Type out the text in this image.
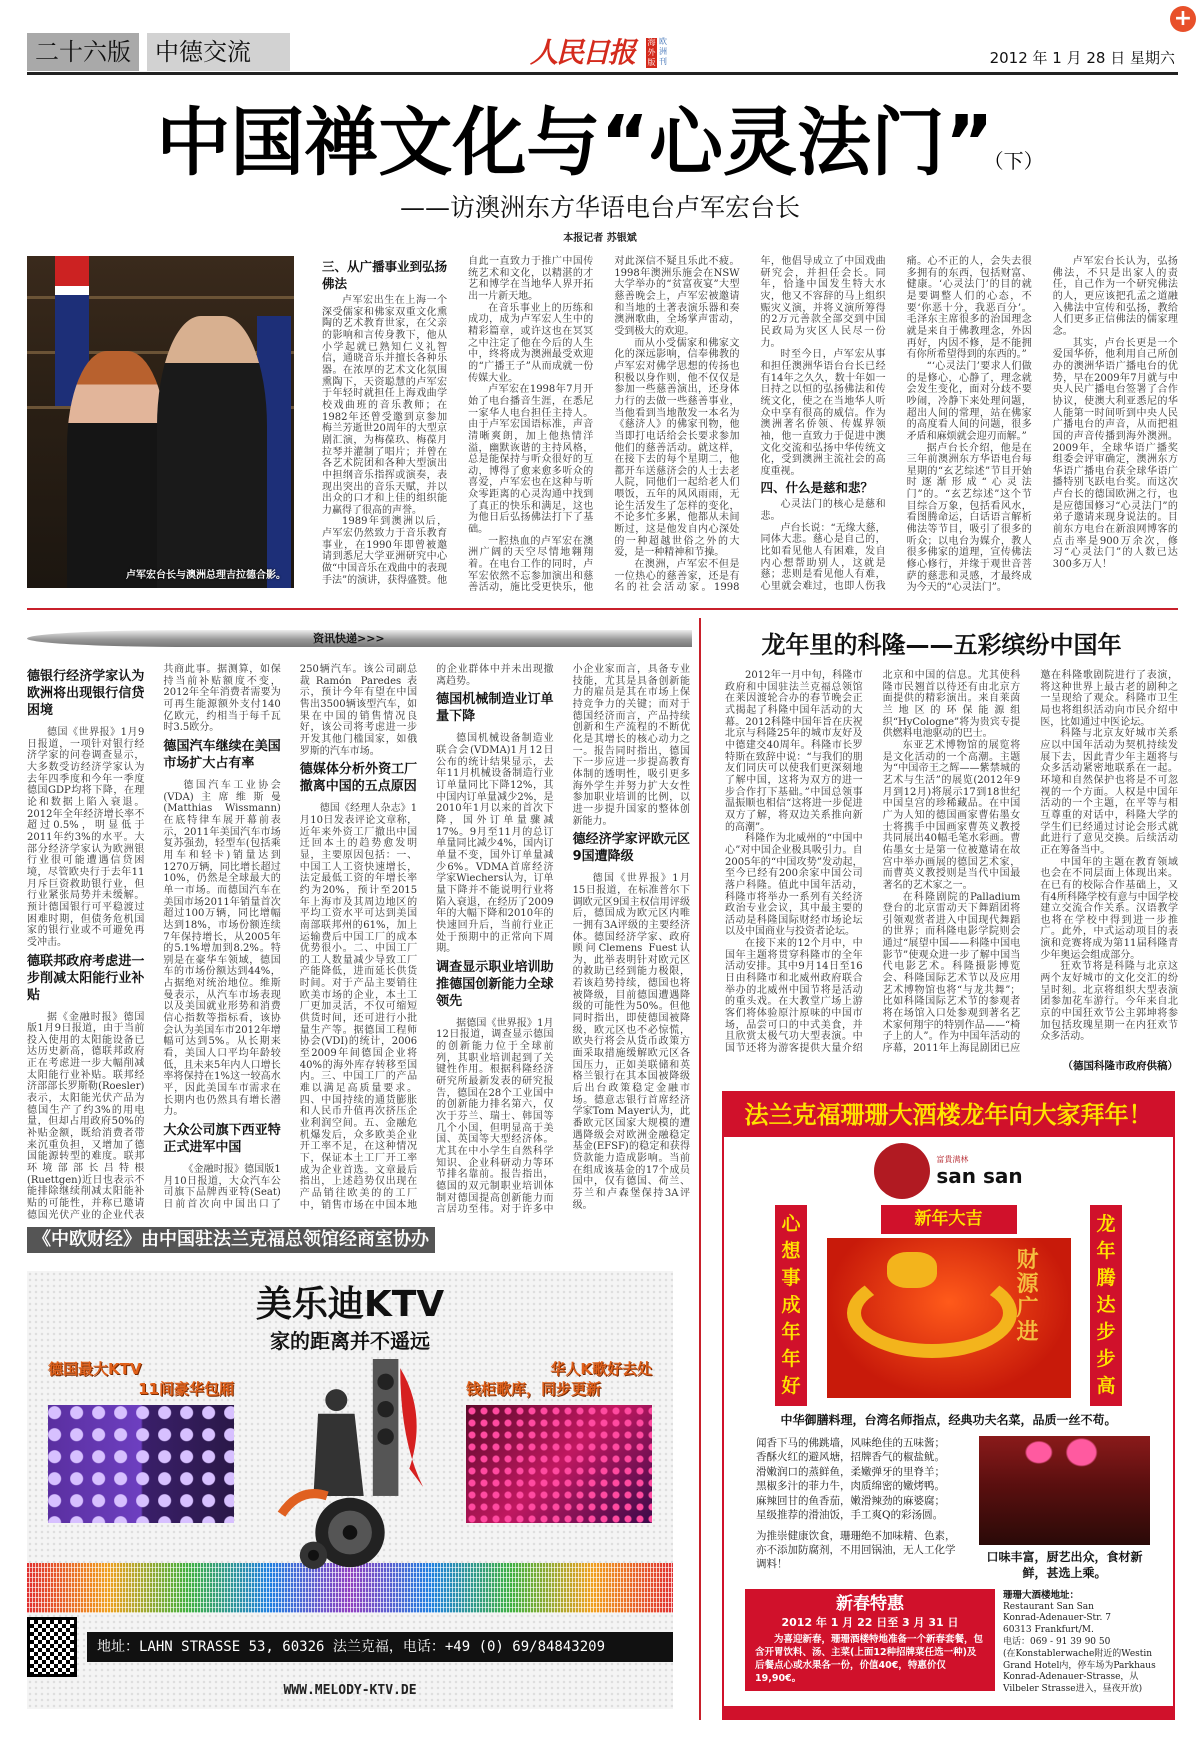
+
二十六版	中德交流	人民日报 海外版
欧洲刊	2012 年 1 月 28 日 星期六
中国禅文化与“心灵法门”（下）
——访澳洲东方华语电台卢军宏台长
本报记者 苏银斌
卢军宏台长与澳洲总理吉拉德合影。
三、从广播事业到弘扬佛法

卢军宏出生在上海一个深受儒家和佛家双重文化熏陶的艺术教育世家，在父亲的影响和言传身教下，他从小学起就已熟知仁义礼智信，通晓音乐并擅长各种乐器。在浓厚的艺术文化氛围熏陶下，天资聪慧的卢军宏于年轻时就担任上海戏曲学校戏曲班的音乐教师；在1982年还曾受邀到京参加梅兰芳逝世20周年的大型京剧汇演，为梅葆玖、梅葆月拉琴并灌制了唱片；并曾在各艺术院团和各种大型演出中担纲音乐指挥或演奏，表现出突出的音乐天赋，并以出众的口才和上佳的组织能力赢得了很高的声誉。

1989年到澳洲以后，卢军宏仍然致力于音乐教育事业，在1990年即曾被邀请到悉尼大学亚洲研究中心做“中国音乐在戏曲中的表现手法”的演讲，获得盛赞。他自此一直致力于推广中国传统艺术和文化，以精湛的才艺和博学在当地华人界开拓出一片新天地。

在音乐事业上的历练和成功，成为卢军宏人生中的精彩篇章，或许这也在冥冥之中注定了他在今后的人生中，终将成为澳洲最受欢迎的“广播王子”从而成就一份传媒大业。

卢军宏在1998年7月开始了电台播音生涯，在悉尼一家华人电台担任主持人。由于卢军宏国语标准，声音清晰爽朗，加上他热情洋溢，幽默诙谐的主持风格，总是能保持与听众很好的互动，博得了愈来愈多听众的喜爱，卢军宏也在这种与听众零距离的心灵沟通中找到了真正的快乐和满足，这也为他日后弘扬佛法打下了基础。

一腔热血的卢军宏在澳洲广阔的天空尽情地翱翔着。在电台工作的同时，卢军宏依然不忘参加演出和慈善活动，施比受更快乐，他对此深信不疑且乐此不疲。1998年澳洲乐施会在NSW大学举办的“贫富夜宴”大型慈善晚会上，卢军宏被邀请和当地的土著表演乐器和奏澳洲歌曲，全场掌声雷动，受到极大的欢迎。

而从小受儒家和佛家文化的深远影响，信奉佛教的卢军宏对佛学思想的传扬也积极以身作则，他不仅仅是参加一些慈善演出，还身体力行的去做一些慈善事业，当他看到当地散发一本名为《慈济人》的佛家刊物，他当即打电话给会长要求参加他们的慈善活动。就这样，在接下去的每个星期二，他都开车送慈济会的人士去老人院，同他们一起给老人们喂饭，五年的风风雨雨，无论生活发生了怎样的变化，不论多忙多累，他都从未间断过，这是他发自内心深处的一种超越世俗之外的大爱，是一种精神和节操。

在澳洲，卢军宏不但是一位热心的慈善家，还是有名的社会活动家。1998年，他倡导成立了中国戏曲研究会，并担任会长。同年，恰逢中国发生特大水灾，他又不容辞的马上组织赈灾义演，并将义演所筹得的2万元善款全部交到中国民政局为灾区人民尽一份力。

时至今日，卢军宏从事和担任澳洲华语台台长已经有14年之久久，数十年如一日持之以恒的弘扬佛法和传统文化，使之在当地华人听众中享有很高的威信。作为澳洲著名侨领、传媒界领袖，他一直致力于促进中澳文化交流和弘扬中华传统文化，受到澳洲主流社会的高度重视。

四、什么是慈和悲？

心灵法门的核心是慈和悲。

卢台长说：“无缘大慈，同体大悲。慈心是自己的，比如看见他人有困难，发自内心想帮助别人，这就是慈；悲则是看见他人有难，心里就会难过，也即人伤我痛。心不正的人，会失去很多拥有的东西，包括财富、健康。‘心灵法门’的目的就是要调整人们的心态，不要‘你恶十分，我恶百分’。毛泽东主席很多的治国理念就是来自于佛教理念，外因再好，内因不修，是不能拥有你所希望得到的东西的。”

“‘心灵法门’要求人们做的是修心，心静了，理念就会发生变化，面对分歧不要吵闹，冷静下来处理问题，超出人间的常理，站在佛家的高度看人间的问题，很多矛盾和麻烦就会迎刃而解。”

据卢台长介绍，他是在三年前澳洲东方华语电台每星期的“玄艺综述”节目开始时逐渐形成“心灵法门”的。“玄艺综述”这个节目综合万象，包括看风水，看图腾命运，白话语言解析佛法等节目，吸引了很多的听众；以电台为媒介，教人很多佛家的道理，宣传佛法修心修行，并缘于观世音菩萨的慈悲和灵感，才最终成为今天的“心灵法门”。

卢军宏台长认为，弘扬佛法，不只是出家人的责任，自己作为一个研究佛法的人，更应该把孔孟之道融入佛法中宣传和弘扬，教给人们更多正信佛法的儒家理念。

其实，卢台长更是一个爱国华侨，他利用自己所创办的澳洲华语广播电台的优势，早在2009年7月就与中央人民广播电台签署了合作协议，使澳大利亚悉尼的华人能第一时间听到中央人民广播电台的声音，从而把祖国的声音传播到海外澳洲。2009年，全球华语广播奖组委会评审确定，澳洲东方华语广播电台获全球华语广播特别飞跃电台奖。而这次卢台长的德国欧洲之行，也是应德国修习“心灵法门”的弟子邀请来现身说法的。目前东方电台在新浪网博客的点击率是900万余次，修习“心灵法门”的人数已达300多万人！

资讯快递>>>
德银行经济学家认为欧洲将出现银行信贷困境

德国《世界报》1月9日报道，一项针对银行经济学家的问卷调查显示，大多数受访经济学家认为去年四季度和今年一季度德国GDP均将下降，在理论和数据上陷入衰退。2012年全年经济增长率不超过0.5%，明显低于2011年约3%的水平。大部分经济学家认为欧洲银行业很可能遭遇信贷困境，尽管欧央行于去年11月斥巨资救助银行业，但行业紧张局势并未缓解。预计德国银行可平稳渡过困难时期，但债务危机国家的银行业或不可避免再受冲击。

德联邦政府考虑进一步削减太阳能行业补贴

据《金融时报》德国版1月9日报道，由于当前投入使用的太阳能设备已达历史新高，德联邦政府正在考虑进一步大幅削减太阳能行业补贴。联邦经济部部长罗斯勒(Roesler)表示，太阳能光伏产品为德国生产了约3%的用电量，但却占用政府50%的补贴金额，既给消费者带来沉重负担，又增加了德国能源转型的难度。联邦环境部部长吕特根(Ruettgen)近日也表示不能排除继续削减太阳能补贴的可能性，并称已邀请德国光伏产业的企业代表共商此事。据测算，如保持当前补贴额度不变，2012年全年消费者需要为可再生能源额外支付140亿欧元，约相当于每千瓦时3.5欧分。

德国汽车继续在美国市场扩大占有率

德国汽车工业协会(VDA)主席维斯曼(Matthias Wissmann)在底特律车展开幕前表示，2011年美国汽车市场复苏强劲，轻型车(包括乘用车和轻卡)销量达到1270万辆，同比增长超过10%，仍然是全球最大的单一市场。而德国汽车在美国市场2011年销量首次超过100万辆，同比增幅达到18%，市场份额连续7年保持增长，从2005年的5.1%增加到8.2%。特别是在豪华车领域，德国车的市场份额达到44%，占据绝对统治地位。维斯曼表示，从汽车市场表现以及美国就业形势和消费信心指数等指标看，该协会认为美国车市2012年增幅可达到5%。从长期来看，美国人口平均年龄较低，且未来5年内人口增长率将保持在1%这一较高水平，因此美国车市需求在长期内也仍然具有增长潜力。

大众公司旗下西亚特正式进军中国

《金融时报》德国版1月10日报道，大众汽车公司旗下品牌西亚特(Seat)日前首次向中国出口了250辆汽车。该公司副总裁Ramón Paredes表示，预计今年有望在中国售出3500辆该型汽车，如果在中国的销售情况良好，该公司将考虑进一步开发其他门槛国家，如俄罗斯的汽车市场。

德媒体分析外资工厂撤离中国的五点原因

德国《经理人杂志》1月10日发表评论文章称，近年来外资工厂撤出中国迁回本土的趋势愈发明显，主要原因包括：一、中国工人工资快速增长，法定最低工资的年增长率约为20%，预计至2015年上海市及其周边地区的平均工资水平可达到美国南部联邦州的61%，加上运输费后中国工厂的成本优势很小。二、中国工厂的工人数量减少导致工厂产能降低，进而延长供货时间。对于产品主要销往欧美市场的企业，本土工厂更加灵活，不仅可缩短供货时间，还可进行小批量生产等。据德国工程师协会(VDI)的统计，2006至2009年间德国企业将40%的海外库存转移至国内。三、中国工厂的产品难以满足高质量要求。四、中国持续的通货膨胀和人民币升值再次挤压企业利润空间。五、金融危机爆发后，众多欧美企业开工率不足，在这种情况下，保证本土工厂开工率成为企业首选。文章最后指出，上述趋势仅出现在产品销往欧美的的工厂中，销售市场在中国本地的企业群体中并未出现撤离趋势。

德国机械制造业订单量下降

德国机械设备制造业联合会(VDMA)1月12日公布的统计结果显示，去年11月机械设备制造行业订单量同比下降12%，其中国内订单量减少2%，是2010年1月以来的首次下降，国外订单量骤减17%。9月至11月的总订单量同比减少4%，国内订单量不变，国外订单量减少6%。VDMA首席经济学家Wiechers认为，订单量下降并不能说明行业将陷入衰退，在经历了2009年的大幅下降和2010年的快速回升后，当前行业正处于预期中的正常向下周期。

调查显示职业培训助推德国创新能力全球领先

据德国《世界报》1月12日报道，调查显示德国的创新能力位于全球前列，其职业培训起到了关键性作用。根据科隆经济研究所最新发表的研究报告，德国在28个工业国中的创新能力排名第六，仅次于芬兰、瑞士、韩国等几个小国，但明显高于美国、英国等大型经济体。尤其在中小学生自然科学知识、企业科研动力等环节排名靠前。报告指出，德国的双元制职业培训体制对德国提高创新能力而言居功至伟。对于许多中小企业家而言，具备专业技能，尤其是具备创新能力的雇员是其在市场上保持竞争力的关键；而对于德国经济而言，产品持续创新和生产流程的不断优化是其增长的核心动力之一。报告同时指出，德国下一步应进一步提高教育体制的透明性，吸引更多海外学生并努力扩大女性参加职业培训的比例，以进一步提升国家的整体创新能力。

德经济学家评欧元区9国遭降级

德国《世界报》1月15日报道，在标准普尔下调欧元区9国主权信用评级后，德国成为欧元区内唯一拥有3A评级的主要经济体。德国经济学家、政府顾问Clemens Fuest认为，此举表明针对欧元区的救助已经到能力极限，若该趋势持续，德国也将被降级，目前德国遭遇降级的可能性为50%。但他同时指出，即使德国被降级，欧元区也不必惊慌，欧央行将会从货币政策方面采取措施缓解欧元区各国压力，正如美联储和英格兰银行在其本国被降级后出台政策稳定金融市场。德意志银行首席经济学家Tom Mayer认为，此番欧元区国家大规模的遭遇降级会对欧洲金融稳定基金(EFSF)的稳定和获得贷款能力造成影响。当前在组成该基金的17个成员国中，仅有德国、荷兰、芬兰和卢森堡保持3A评级。

《中欧财经》由中国驻法兰克福总领馆经商室协办
美乐迪KTV
家的距离并不遥远
德国最大KTV
11间豪华包厢
华人K歌好去处
钱柜歌库，同步更新
地址：LAHN STRASSE 53, 60326 法兰克福，电话：+49 (0) 69/84843209
WWW.MELODY-KTV.DE
龙年里的科隆——五彩缤纷中国年

2012年一月中旬，科隆市政府和中国驻法兰克福总领馆在莱因渡轮合办的春节晚会正式揭起了科隆中国年活动的大幕。2012科隆中国年旨在庆祝北京与科隆25年的城市友好及中德建交40周年。科隆市长罗特斯在致辞中说：“与我们的朋友们同庆可以使我们更深刻地了解中国，这将为双方的进一步合作打下基础。”中国总领事温振顺也相信“这将进一步促进双方了解，将双边关系推向新的高潮”。

科隆作为北威州的“中国中心”对中国企业极具吸引力。自2005年的“中国攻势”发动起，至今已经有200余家中国公司落户科隆。值此中国年活动，科隆市将举办一系列有关经济政治专业会议，其中最主要的活动是科隆国际财经市场论坛以及中国商业与投资者论坛。

在接下来的12个月中，中国年主题将贯穿科隆市的全年活动安排。其中9月14日至16日由科隆市和北威州政府联合举办的北威州中国节将是活动的重头戏。在大教堂广场上游客们将体验原汁原味的中国市场，品尝可口的中式美食，并且欣赏太极气功大型表演。中国节还将为游客提供大量介绍北京和中国的信息。尤其使科隆市民翘首以待还有由北京方面提供的精彩演出。来自莱茵兰地区的环保能源组织“HyCologne”将为贵宾专提供燃料电池驱动的巴士。

东亚艺术博物馆的展览将是文化活动的一个高潮。主题为“中国帝王之辉——紫禁城的艺术与生活”的展览(2012年9月到12月)将展示17到18世纪中国皇宫的珍稀藏品。在中国广为人知的德国画家曹佑墨女士将携手中国画家曹英义教授共同展出40幅毛笔水彩画。曹佑墨女士是第一位被邀请在故宫中举办画展的德国艺术家，而曹英义教授则是当代中国最著名的艺术家之一。

在科隆剧院的Palladium登台的北京雷动天下舞蹈团将引领观赏者进入中国现代舞蹈的世界；而科隆电影学院则会通过“展望中国——科隆中国电影节”使观众进一步了解中国当代电影艺术。科隆摄影博览会、科隆国际艺术节以及应用艺术博物馆也将“与龙共舞”；比如科隆国际艺术节的参观者将在场馆入口处参观到著名艺术家何翔宇的特别作品——“椅子上的人”。作为中国年活动的序幕，2011年上海昆剧团已应邀在科隆歌剧院进行了表演，将这种世界上最古老的剧种之一呈现给了观众。科隆市卫生局也将组织活动向市民介绍中医，比如通过中医论坛。

科隆与北京友好城市关系应以中国年活动为契机持续发展下去，因此青少年主题将与众多活动紧密地联系在一起。环境和自然保护也将是不可忽视的一个方面。人权是中国年活动的一个主题，在平等与相互尊重的对话中，科隆大学的学生们已经通过讨论会形式就此进行了意见交换。后续活动正在筹备当中。

中国年的主题在教育领域也会在不同层面上体现出来。在已有的校际合作基础上，又有4所科隆学校有意与中国学校建立交流合作关系。汉语教学也将在学校中得到进一步推广。此外，中式运动项目的表演和竞赛将成为第11届科隆青少年奥运会组成部分。

狂欢节将是科隆与北京这两个友好城市的文化交汇的纷呈时刻。北京将组织大型表演团参加花车游行。今年来自北京的中国狂欢节公主郭坤将参加包括玫瑰星期一在内狂欢节众多活动。

（德国科隆市政府供稿）
法兰克福珊珊大酒楼龙年向大家拜年！
富貴满林
san san
心想事成年年好
新年大吉
财源广进
龙年腾达步步高
中华御膳料理，台湾名师指点，经典功夫名菜，品质一丝不苟。
闻香下马的佛跳墙，风味绝佳的五味酱；
香酥火红的避风塘，招牌香气的椒盐鱿。
滑嫩润口的蒸鲜鱼，柔嫩弹牙的里脊羊；
黑椒多汁的菲力牛，肉质绵密的嫩烤鸭。
麻辣回甘的鱼香茄，嫩滑辣劲的麻婆腐；
星级推荐的滑油饭，手工爽Q的彩汤圆。
为推崇健康饮食，珊珊绝不加味精、色素，亦不添加防腐剂，不用回锅油，无人工化学调料！	口味丰富，厨艺出众，食材新鲜，甚选上乘。
新春特惠
2012 年 1 月 22 日至 3 月 31 日
为喜迎新春，珊珊酒楼特地准备一个新春套餐，包含开胃饮料、汤、主菜(上面12种招牌菜任选一种)及后餐点心或水果各一份，价值40€，特惠价仅19,90€。
珊珊大酒楼地址：
Restaurant San San
Konrad-Adenauer-Str. 7
60313 Frankfurt/M.
电话：069 - 91 39 90 50
(在Konstablerwache附近的Westin Grand Hotel内，停车场为Parkhaus Konrad-Adenauer-Strasse，从Vilbeler Strasse进入，昼夜开放)
